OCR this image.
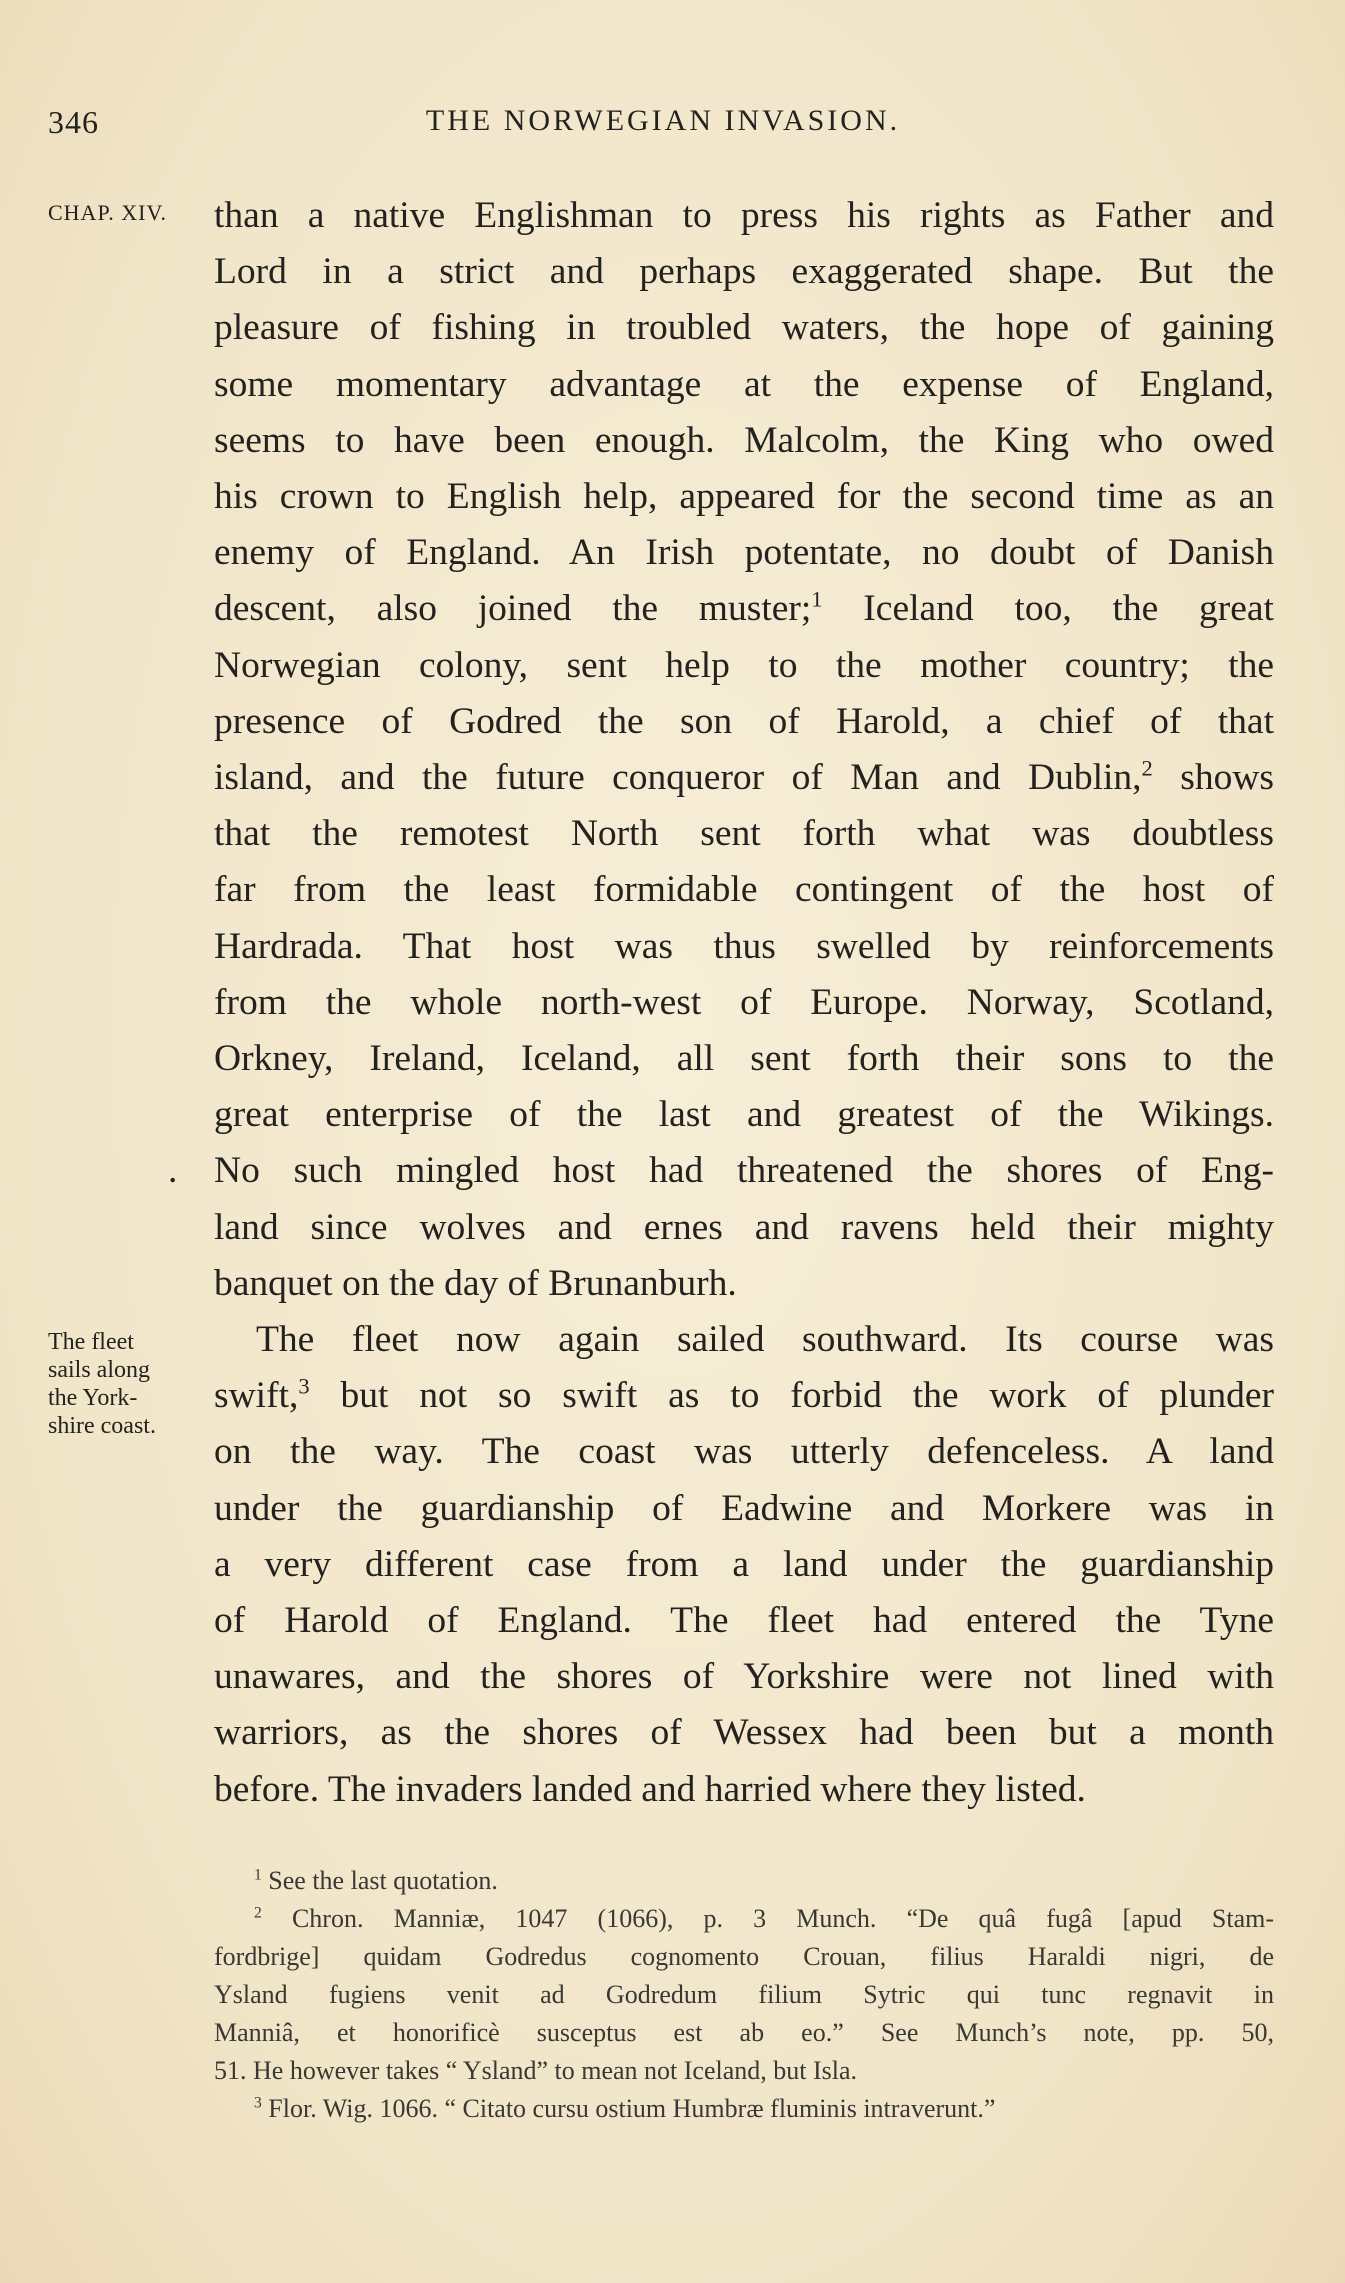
346	THE NORWEGIAN INVASION.
CHAP. XIV.
The fleet
sails along
the York-
shire coast.
than a native Englishman to press his rights as Father and
Lord in a strict and perhaps exaggerated shape. But the
pleasure of fishing in troubled waters, the hope of gaining
some momentary advantage at the expense of England,
seems to have been enough. Malcolm, the King who owed
his crown to English help, appeared for the second time as an
enemy of England. An Irish potentate, no doubt of Danish
descent, also joined the muster;$^1$ Iceland too, the great
Norwegian colony, sent help to the mother country; the
presence of Godred the son of Harold, a chief of that
island, and the future conqueror of Man and Dublin,$^2$ shows
that the remotest North sent forth what was doubtless
far from the least formidable contingent of the host of
Hardrada. That host was thus swelled by reinforcements
from the whole north-west of Europe. Norway, Scotland,
Orkney, Ireland, Iceland, all sent forth their sons to the
great enterprise of the last and greatest of the Wikings.
. No such mingled host had threatened the shores of Eng-
land since wolves and ernes and ravens held their mighty
banquet on the day of Brunanburh.
The fleet now again sailed southward. Its course was
swift,$^3$ but not so swift as to forbid the work of plunder
on the way. The coast was utterly defenceless. A land
under the guardianship of Eadwine and Morkere was in
a very different case from a land under the guardianship
of Harold of England. The fleet had entered the Tyne
unawares, and the shores of Yorkshire were not lined with
warriors, as the shores of Wessex had been but a month
before. The invaders landed and harried where they listed.
$^1$ See the last quotation.
$^2$ Chron. Manniæ, 1047 (1066), p. 3 Munch. “De quâ fugâ [apud Stam-
fordbrige] quidam Godredus cognomento Crouan, filius Haraldi nigri, de
Ysland fugiens venit ad Godredum filium Sytric qui tunc regnavit in
Manniâ, et honorificè susceptus est ab eo.” See Munch’s note, pp. 50,
51. He however takes “ Ysland” to mean not Iceland, but Isla.
$^3$ Flor. Wig. 1066. “ Citato cursu ostium Humbræ fluminis intraverunt.”
